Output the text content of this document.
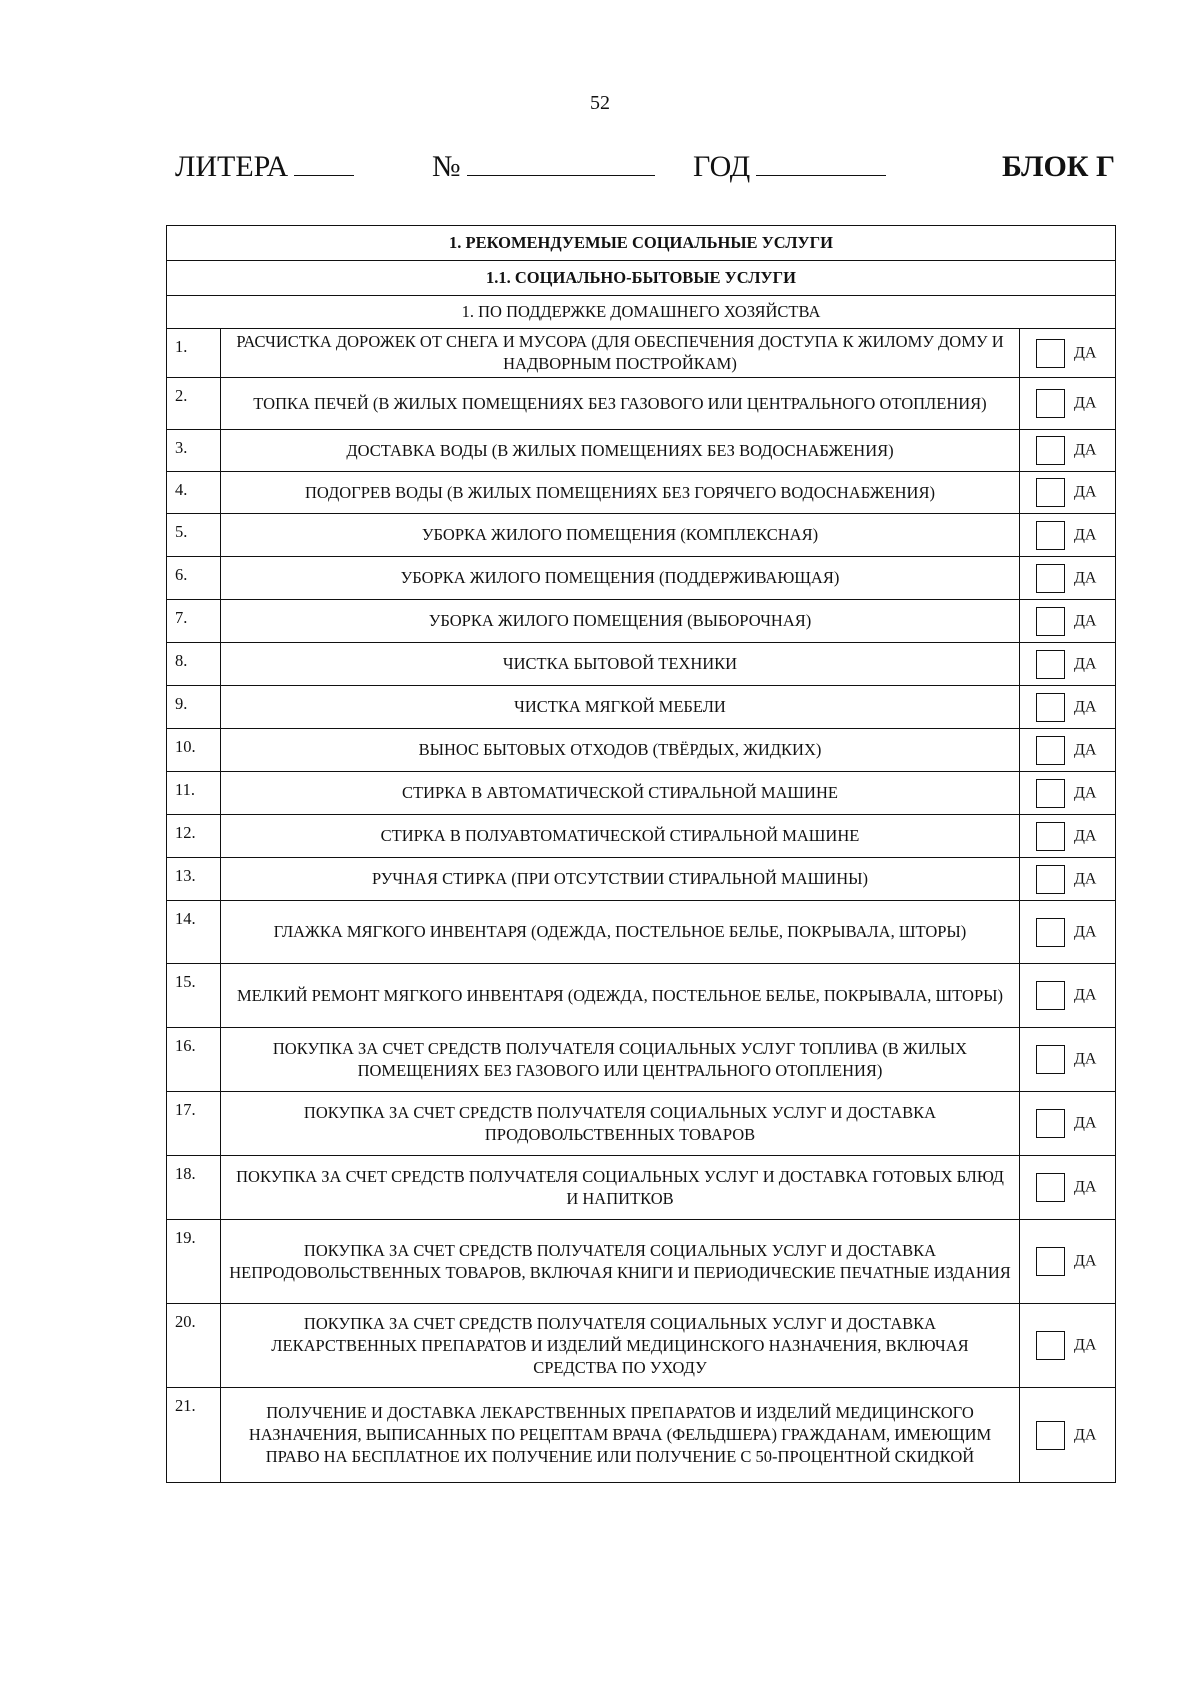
52
ЛИТЕРА	№	ГОД	БЛОК Г
1. РЕКОМЕНДУЕМЫЕ СОЦИАЛЬНЫЕ УСЛУГИ		
1.1. СОЦИАЛЬНО-БЫТОВЫЕ УСЛУГИ		
1. ПО ПОДДЕРЖКЕ ДОМАШНЕГО ХОЗЯЙСТВА		
1.	РАСЧИСТКА ДОРОЖЕК ОТ СНЕГА И МУСОРА (ДЛЯ ОБЕСПЕЧЕНИЯ ДОСТУПА К ЖИЛОМУ ДОМУ И НАДВОРНЫМ ПОСТРОЙКАМ)	ДА
2.	ТОПКА ПЕЧЕЙ (В ЖИЛЫХ ПОМЕЩЕНИЯХ БЕЗ ГАЗОВОГО ИЛИ ЦЕНТРАЛЬНОГО ОТОПЛЕНИЯ)	ДА
3.	ДОСТАВКА ВОДЫ (В ЖИЛЫХ ПОМЕЩЕНИЯХ БЕЗ ВОДОСНАБЖЕНИЯ)	ДА
4.	ПОДОГРЕВ ВОДЫ (В ЖИЛЫХ ПОМЕЩЕНИЯХ БЕЗ ГОРЯЧЕГО ВОДОСНАБЖЕНИЯ)	ДА
5.	УБОРКА ЖИЛОГО ПОМЕЩЕНИЯ (КОМПЛЕКСНАЯ)	ДА
6.	УБОРКА ЖИЛОГО ПОМЕЩЕНИЯ (ПОДДЕРЖИВАЮЩАЯ)	ДА
7.	УБОРКА ЖИЛОГО ПОМЕЩЕНИЯ (ВЫБОРОЧНАЯ)	ДА
8.	ЧИСТКА БЫТОВОЙ ТЕХНИКИ	ДА
9.	ЧИСТКА МЯГКОЙ МЕБЕЛИ	ДА
10.	ВЫНОС БЫТОВЫХ ОТХОДОВ (ТВЁРДЫХ, ЖИДКИХ)	ДА
11.	СТИРКА В АВТОМАТИЧЕСКОЙ СТИРАЛЬНОЙ МАШИНЕ	ДА
12.	СТИРКА В ПОЛУАВТОМАТИЧЕСКОЙ СТИРАЛЬНОЙ МАШИНЕ	ДА
13.	РУЧНАЯ СТИРКА (ПРИ ОТСУТСТВИИ СТИРАЛЬНОЙ МАШИНЫ)	ДА
14.	ГЛАЖКА МЯГКОГО ИНВЕНТАРЯ (ОДЕЖДА, ПОСТЕЛЬНОЕ БЕЛЬЕ, ПОКРЫВАЛА, ШТОРЫ)	ДА
15.	МЕЛКИЙ РЕМОНТ МЯГКОГО ИНВЕНТАРЯ (ОДЕЖДА, ПОСТЕЛЬНОЕ БЕЛЬЕ, ПОКРЫВАЛА, ШТОРЫ)	ДА
16.	ПОКУПКА ЗА СЧЕТ СРЕДСТВ ПОЛУЧАТЕЛЯ СОЦИАЛЬНЫХ УСЛУГ ТОПЛИВА (В ЖИЛЫХ ПОМЕЩЕНИЯХ БЕЗ ГАЗОВОГО ИЛИ ЦЕНТРАЛЬНОГО ОТОПЛЕНИЯ)	ДА
17.	ПОКУПКА ЗА СЧЕТ СРЕДСТВ ПОЛУЧАТЕЛЯ СОЦИАЛЬНЫХ УСЛУГ И ДОСТАВКА ПРОДОВОЛЬСТВЕННЫХ ТОВАРОВ	ДА
18.	ПОКУПКА ЗА СЧЕТ СРЕДСТВ ПОЛУЧАТЕЛЯ СОЦИАЛЬНЫХ УСЛУГ И ДОСТАВКА ГОТОВЫХ БЛЮД И НАПИТКОВ	ДА
19.	ПОКУПКА ЗА СЧЕТ СРЕДСТВ ПОЛУЧАТЕЛЯ СОЦИАЛЬНЫХ УСЛУГ И ДОСТАВКА НЕПРОДОВОЛЬСТВЕННЫХ ТОВАРОВ, ВКЛЮЧАЯ КНИГИ И ПЕРИОДИЧЕСКИЕ ПЕЧАТНЫЕ ИЗДАНИЯ	ДА
20.	ПОКУПКА ЗА СЧЕТ СРЕДСТВ ПОЛУЧАТЕЛЯ СОЦИАЛЬНЫХ УСЛУГ И ДОСТАВКА ЛЕКАРСТВЕННЫХ ПРЕПАРАТОВ И ИЗДЕЛИЙ МЕДИЦИНСКОГО НАЗНАЧЕНИЯ, ВКЛЮЧАЯ СРЕДСТВА ПО УХОДУ	ДА
21.	ПОЛУЧЕНИЕ И ДОСТАВКА ЛЕКАРСТВЕННЫХ ПРЕПАРАТОВ И ИЗДЕЛИЙ МЕДИЦИНСКОГО НАЗНАЧЕНИЯ, ВЫПИСАННЫХ ПО РЕЦЕПТАМ ВРАЧА (ФЕЛЬДШЕРА) ГРАЖДАНАМ, ИМЕЮЩИМ ПРАВО НА БЕСПЛАТНОЕ ИХ ПОЛУЧЕНИЕ ИЛИ ПОЛУЧЕНИЕ С 50-ПРОЦЕНТНОЙ СКИДКОЙ	ДА
